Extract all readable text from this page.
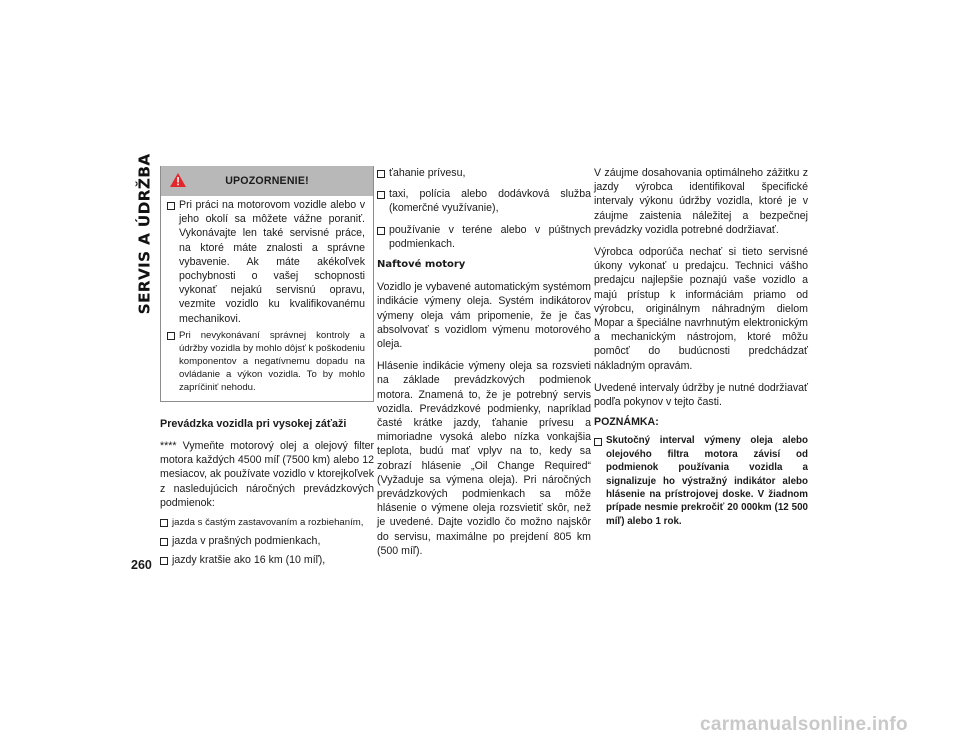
SERVIS A ÚDRŽBA
260
UPOZORNENIE!
Pri práci na motorovom vozidle alebo v jeho okolí sa môžete vážne poraniť. Vykonávajte len také servisné práce, na ktoré máte znalosti a správne vybavenie. Ak máte akékoľvek pochybnosti o vašej schopnosti vykonať nejakú servisnú opravu, vezmite vozidlo ku kvalifikovanému mechanikovi.
Pri nevykonávaní správnej kontroly a údržby vozidla by mohlo dôjsť k poškodeniu komponentov a negatívnemu dopadu na ovládanie a výkon vozidla. To by mohlo zapríčiniť nehodu.
Prevádzka vozidla pri vysokej záťaži

**** Vymeňte motorový olej a olejový filter motora každých 4500 míľ (7500 km) alebo 12 mesiacov, ak používate vozidlo v ktorejkoľvek z nasledujúcich náročných prevádzkových podmienok:

jazda s častým zastavovaním a rozbiehaním,
jazda v prašných podmienkach,
jazdy kratšie ako 16 km (10 míľ),
ťahanie prívesu,
taxi, polícia alebo dodávková služba (komerčné využívanie),
používanie v teréne alebo v púštnych podmienkach.
Naftové motory

Vozidlo je vybavené automatickým systémom indikácie výmeny oleja. Systém indikátorov výmeny oleja vám pripomenie, že je čas absolvovať s vozidlom výmenu motorového oleja.

Hlásenie indikácie výmeny oleja sa rozsvieti na základe prevádzkových podmienok motora. Znamená to, že je potrebný servis vozidla. Prevádzkové podmienky, napríklad časté krátke jazdy, ťahanie prívesu a mimoriadne vysoká alebo nízka vonkajšia teplota, budú mať vplyv na to, kedy sa zobrazí hlásenie „Oil Change Required“ (Vyžaduje sa výmena oleja). Pri náročných prevádzkových podmienkach sa môže hlásenie o výmene oleja rozsvietiť skôr, než je uvedené. Dajte vozidlo čo možno najskôr do servisu, maximálne po prejdení 805 km (500 míľ).

V záujme dosahovania optimálneho zážitku z jazdy výrobca identifikoval špecifické intervaly výkonu údržby vozidla, ktoré je v záujme zaistenia náležitej a bezpečnej prevádzky vozidla potrebné dodržiavať.

Výrobca odporúča nechať si tieto servisné úkony vykonať u predajcu. Technici vášho predajcu najlepšie poznajú vaše vozidlo a majú prístup k informáciám priamo od výrobcu, originálnym náhradným dielom Mopar a špeciálne navrhnutým elektronickým a mechanickým nástrojom, ktoré môžu pomôcť do budúcnosti predchádzať nákladným opravám.

Uvedené intervaly údržby je nutné dodržiavať podľa pokynov v tejto časti.

POZNÁMKA:
Skutočný interval výmeny oleja alebo olejového filtra motora závisí od podmienok používania vozidla a signalizuje ho výstražný indikátor alebo hlásenie na prístrojovej doske. V žiadnom prípade nesmie prekročiť 20 000km (12 500 míľ) alebo 1 rok.
carmanualsonline.info
